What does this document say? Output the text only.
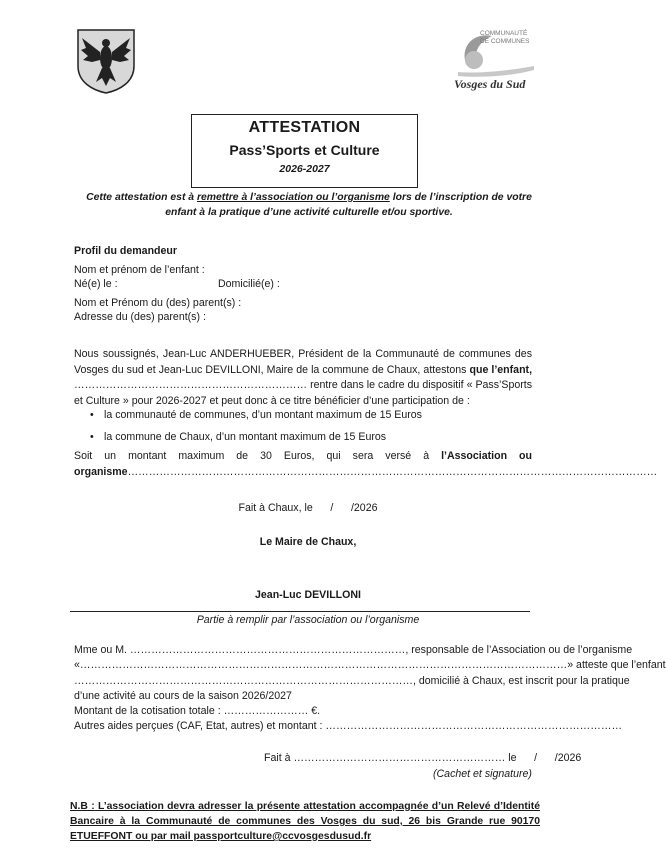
COMMUNAUTÉ
DE COMMUNES
Vosges du Sud
ATTESTATION
Pass’Sports et Culture
2026-2027
Cette attestation est à remettre à l’association ou l’organisme lors de l’inscription de votre enfant à la pratique d’une activité culturelle et/ou sportive.
Profil du demandeur
Nom et prénom de l’enfant :
Né(e) le :	Domicilié(e) :
Nom et Prénom du (des) parent(s) :
Adresse du (des) parent(s) :
Nous soussignés, Jean-Luc ANDERHUEBER, Président de la Communauté de communes des Vosges du sud et Jean-Luc DEVILLONI, Maire de la commune de Chaux, attestons que l’enfant, ………………………………………………………… rentre dans le cadre du dispositif « Pass’Sports et Culture » pour 2026-2027 et peut donc à ce titre bénéficier d’une participation de :
• la communauté de communes, d’un montant maximum de 15 Euros
• la commune de Chaux, d’un montant maximum de 15 Euros
Soit un montant maximum de 30 Euros, qui sera versé à l’Association ou organisme……………………………………………………………………………………………………………………………………
Fait à Chaux, le      /      /2026
Le Maire de Chaux,
Jean-Luc DEVILLONI
Partie à remplir par l’association ou l’organisme
Mme ou M. ……………………………………………………………………, responsable de l’Association ou de l’organisme
«…………………………………………………………………………………………………………………………» atteste que l’enfant
……………………………………………………………………………………, domicilié à Chaux, est inscrit pour la pratique
d’une activité au cours de la saison 2026/2027
Montant de la cotisation totale : …………………… €.
Autres aides perçues (CAF, Etat, autres) et montant : …………………………………………………………………………
Fait à …………………………………………………… le      /      /2026
(Cachet et signature)
N.B : L’association devra adresser la présente attestation accompagnée d’un Relevé d’Identité Bancaire à la Communauté de communes des Vosges du sud, 26 bis Grande rue 90170 ETUEFFONT ou par mail passportculture@ccvosgesdusud.fr
